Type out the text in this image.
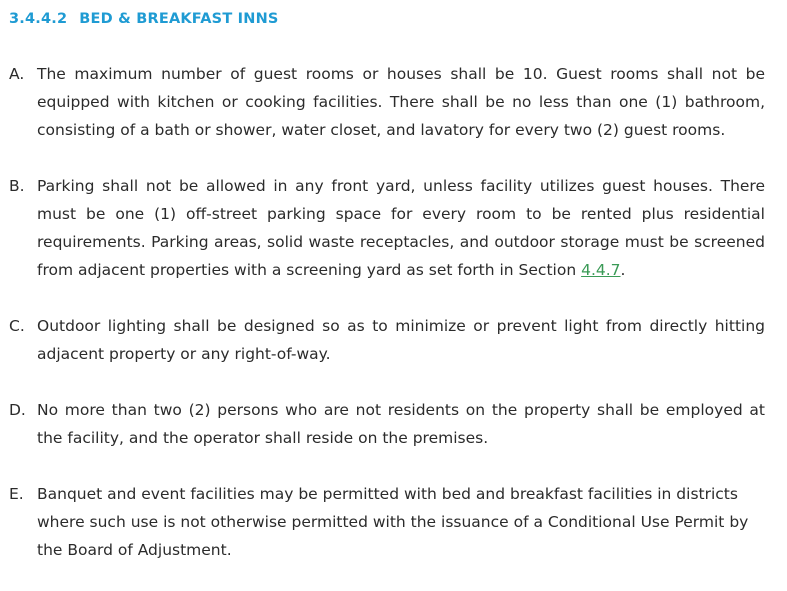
3.4.4.2 BED & BREAKFAST INNS
A. The maximum number of guest rooms or houses shall be 10. Guest rooms shall not be equipped with kitchen or cooking facilities. There shall be no less than one (1) bathroom, consisting of a bath or shower, water closet, and lavatory for every two (2) guest rooms.
B. Parking shall not be allowed in any front yard, unless facility utilizes guest houses. There must be one (1) off-street parking space for every room to be rented plus residential requirements. Parking areas, solid waste receptacles, and outdoor storage must be screened from adjacent properties with a screening yard as set forth in Section 4.4.7.
C. Outdoor lighting shall be designed so as to minimize or prevent light from directly hitting adjacent property or any right-of-way.
D. No more than two (2) persons who are not residents on the property shall be employed at the facility, and the operator shall reside on the premises.
E. Banquet and event facilities may be permitted with bed and breakfast facilities in districts where such use is not otherwise permitted with the issuance of a Conditional Use Permit by the Board of Adjustment.
